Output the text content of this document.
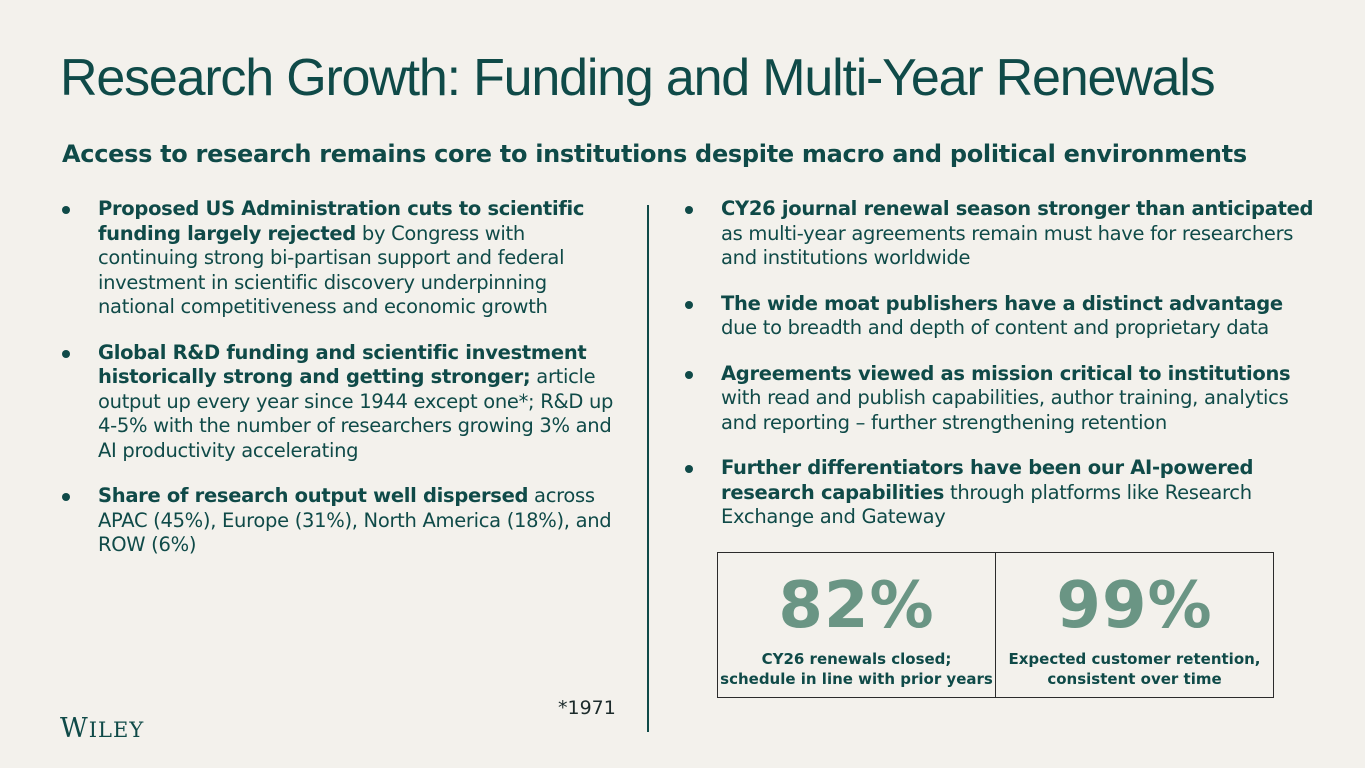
Research Growth: Funding and Multi-Year Renewals
Access to research remains core to institutions despite macro and political environments
Proposed US Administration cuts to scientific funding largely rejected by Congress with continuing strong bi-partisan support and federal investment in scientific discovery underpinning national competitiveness and economic growth
Global R&D funding and scientific investment historically strong and getting stronger; article output up every year since 1944 except one*; R&D up 4-5% with the number of researchers growing 3% and AI productivity accelerating
Share of research output well dispersed across APAC (45%), Europe (31%), North America (18%), and ROW (6%)
CY26 journal renewal season stronger than anticipated as multi-year agreements remain must have for researchers and institutions worldwide
The wide moat publishers have a distinct advantage due to breadth and depth of content and proprietary data
Agreements viewed as mission critical to institutions with read and publish capabilities, author training, analytics and reporting – further strengthening retention
Further differentiators have been our AI-powered research capabilities through platforms like Research Exchange and Gateway
82%
CY26 renewals closed;
schedule in line with prior years
99%
Expected customer retention,
consistent over time
*1971
WILEY
